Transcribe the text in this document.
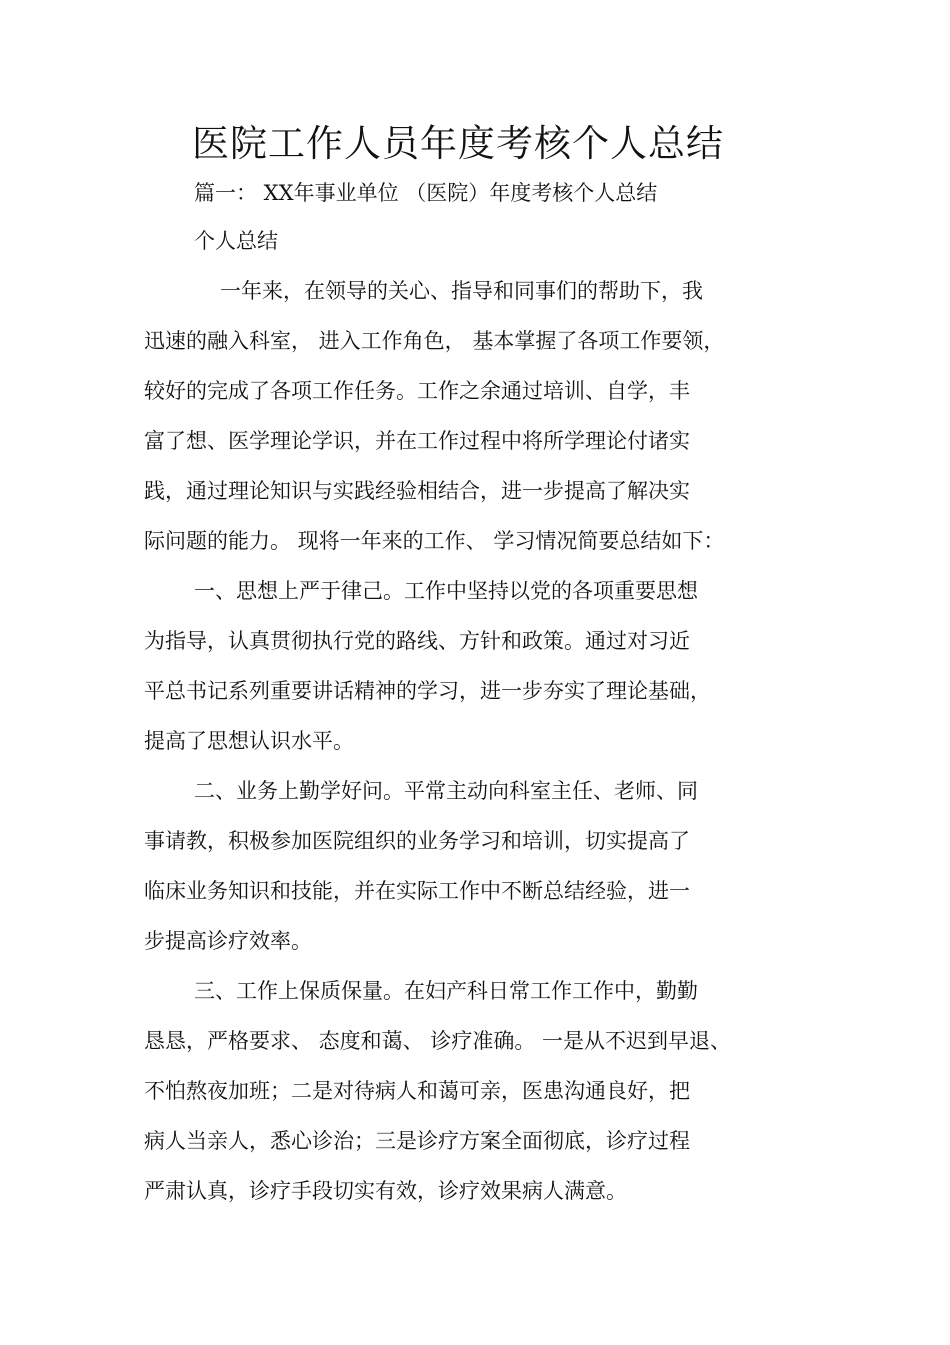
医院工作人员年度考核个人总结
篇一： XX年事业单位 （医院）年度考核个人总结
个人总结
一年来，在领导的关心、指导和同事们的帮助下，我
迅速的融入科室， 进入工作角色， 基本掌握了各项工作要领，
较好的完成了各项工作任务。工作之余通过培训、自学，丰
富了想、医学理论学识，并在工作过程中将所学理论付诸实
践，通过理论知识与实践经验相结合，进一步提高了解决实
际问题的能力。 现将一年来的工作、 学习情况简要总结如下：
一、思想上严于律己。工作中坚持以党的各项重要思想
为指导，认真贯彻执行党的路线、方针和政策。通过对习近
平总书记系列重要讲话精神的学习，进一步夯实了理论基础，
提高了思想认识水平。
二、业务上勤学好问。平常主动向科室主任、老师、同
事请教，积极参加医院组织的业务学习和培训，切实提高了
临床业务知识和技能，并在实际工作中不断总结经验，进一
步提高诊疗效率。
三、工作上保质保量。在妇产科日常工作工作中，勤勤
恳恳，严格要求、 态度和蔼、 诊疗准确。 一是从不迟到早退、
不怕熬夜加班；二是对待病人和蔼可亲，医患沟通良好，把
病人当亲人，悉心诊治；三是诊疗方案全面彻底，诊疗过程
严肃认真，诊疗手段切实有效，诊疗效果病人满意。
